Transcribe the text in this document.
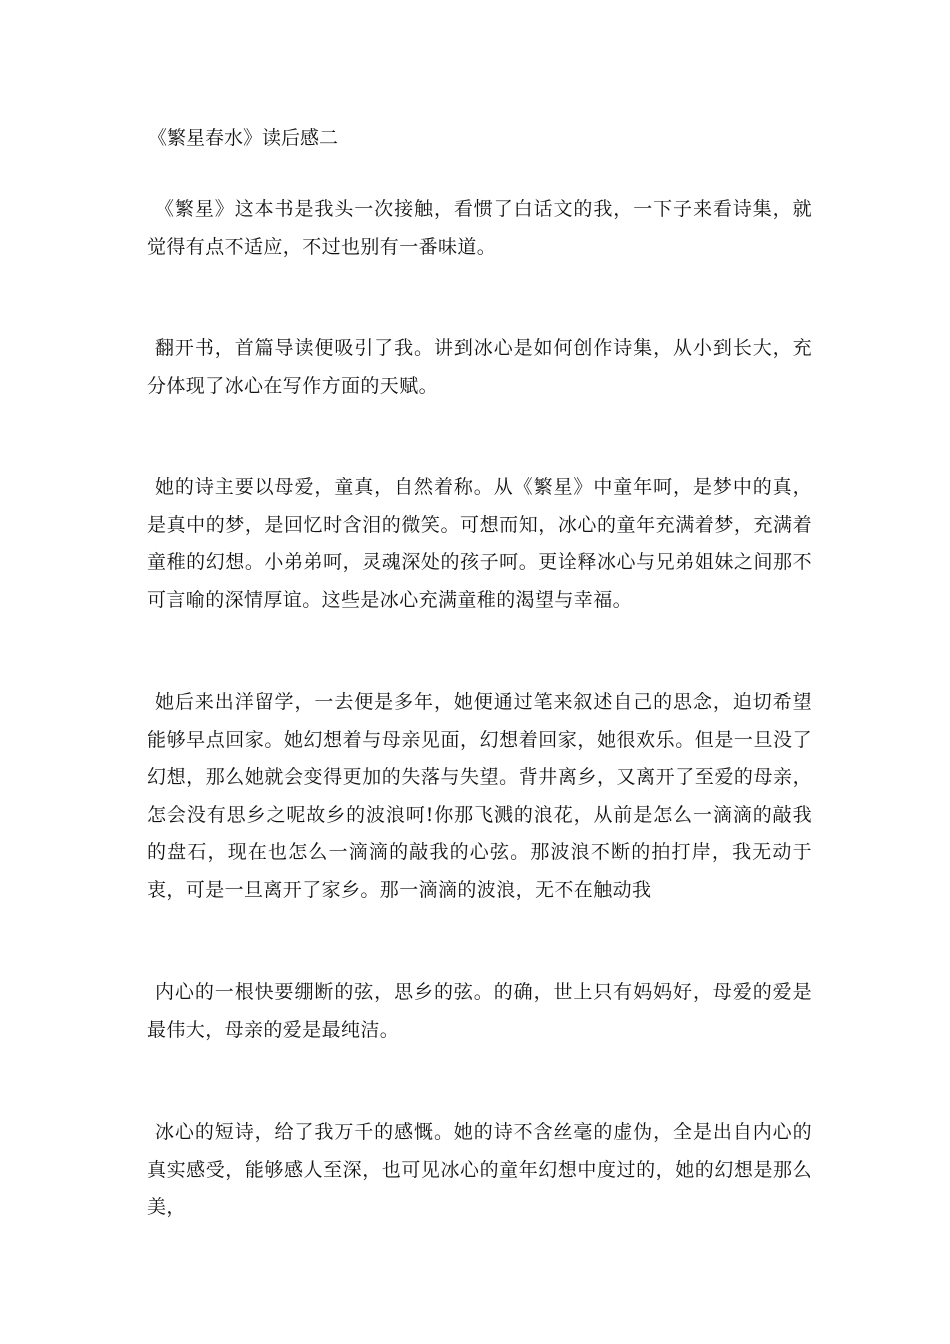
《繁星春水》读后感二

《繁星》这本书是我头一次接触，看惯了白话文的我，一下子来看诗集，就觉得有点不适应，不过也别有一番味道。

翻开书，首篇导读便吸引了我。讲到冰心是如何创作诗集，从小到长大，充分体现了冰心在写作方面的天赋。

她的诗主要以母爱，童真，自然着称。从《繁星》中童年呵，是梦中的真，是真中的梦，是回忆时含泪的微笑。可想而知，冰心的童年充满着梦，充满着童稚的幻想。小弟弟呵，灵魂深处的孩子呵。更诠释冰心与兄弟姐妹之间那不可言喻的深情厚谊。这些是冰心充满童稚的渴望与幸福。

她后来出洋留学，一去便是多年，她便通过笔来叙述自己的思念，迫切希望能够早点回家。她幻想着与母亲见面，幻想着回家，她很欢乐。但是一旦没了幻想，那么她就会变得更加的失落与失望。背井离乡，又离开了至爱的母亲，怎会没有思乡之呢故乡的波浪呵!你那飞溅的浪花，从前是怎么一滴滴的敲我的盘石，现在也怎么一滴滴的敲我的心弦。那波浪不断的拍打岸，我无动于衷，可是一旦离开了家乡。那一滴滴的波浪，无不在触动我

内心的一根快要绷断的弦，思乡的弦。的确，世上只有妈妈好，母爱的爱是最伟大，母亲的爱是最纯洁。

冰心的短诗，给了我万千的感慨。她的诗不含丝毫的虚伪，全是出自内心的真实感受，能够感人至深，也可见冰心的童年幻想中度过的，她的幻想是那么美，
